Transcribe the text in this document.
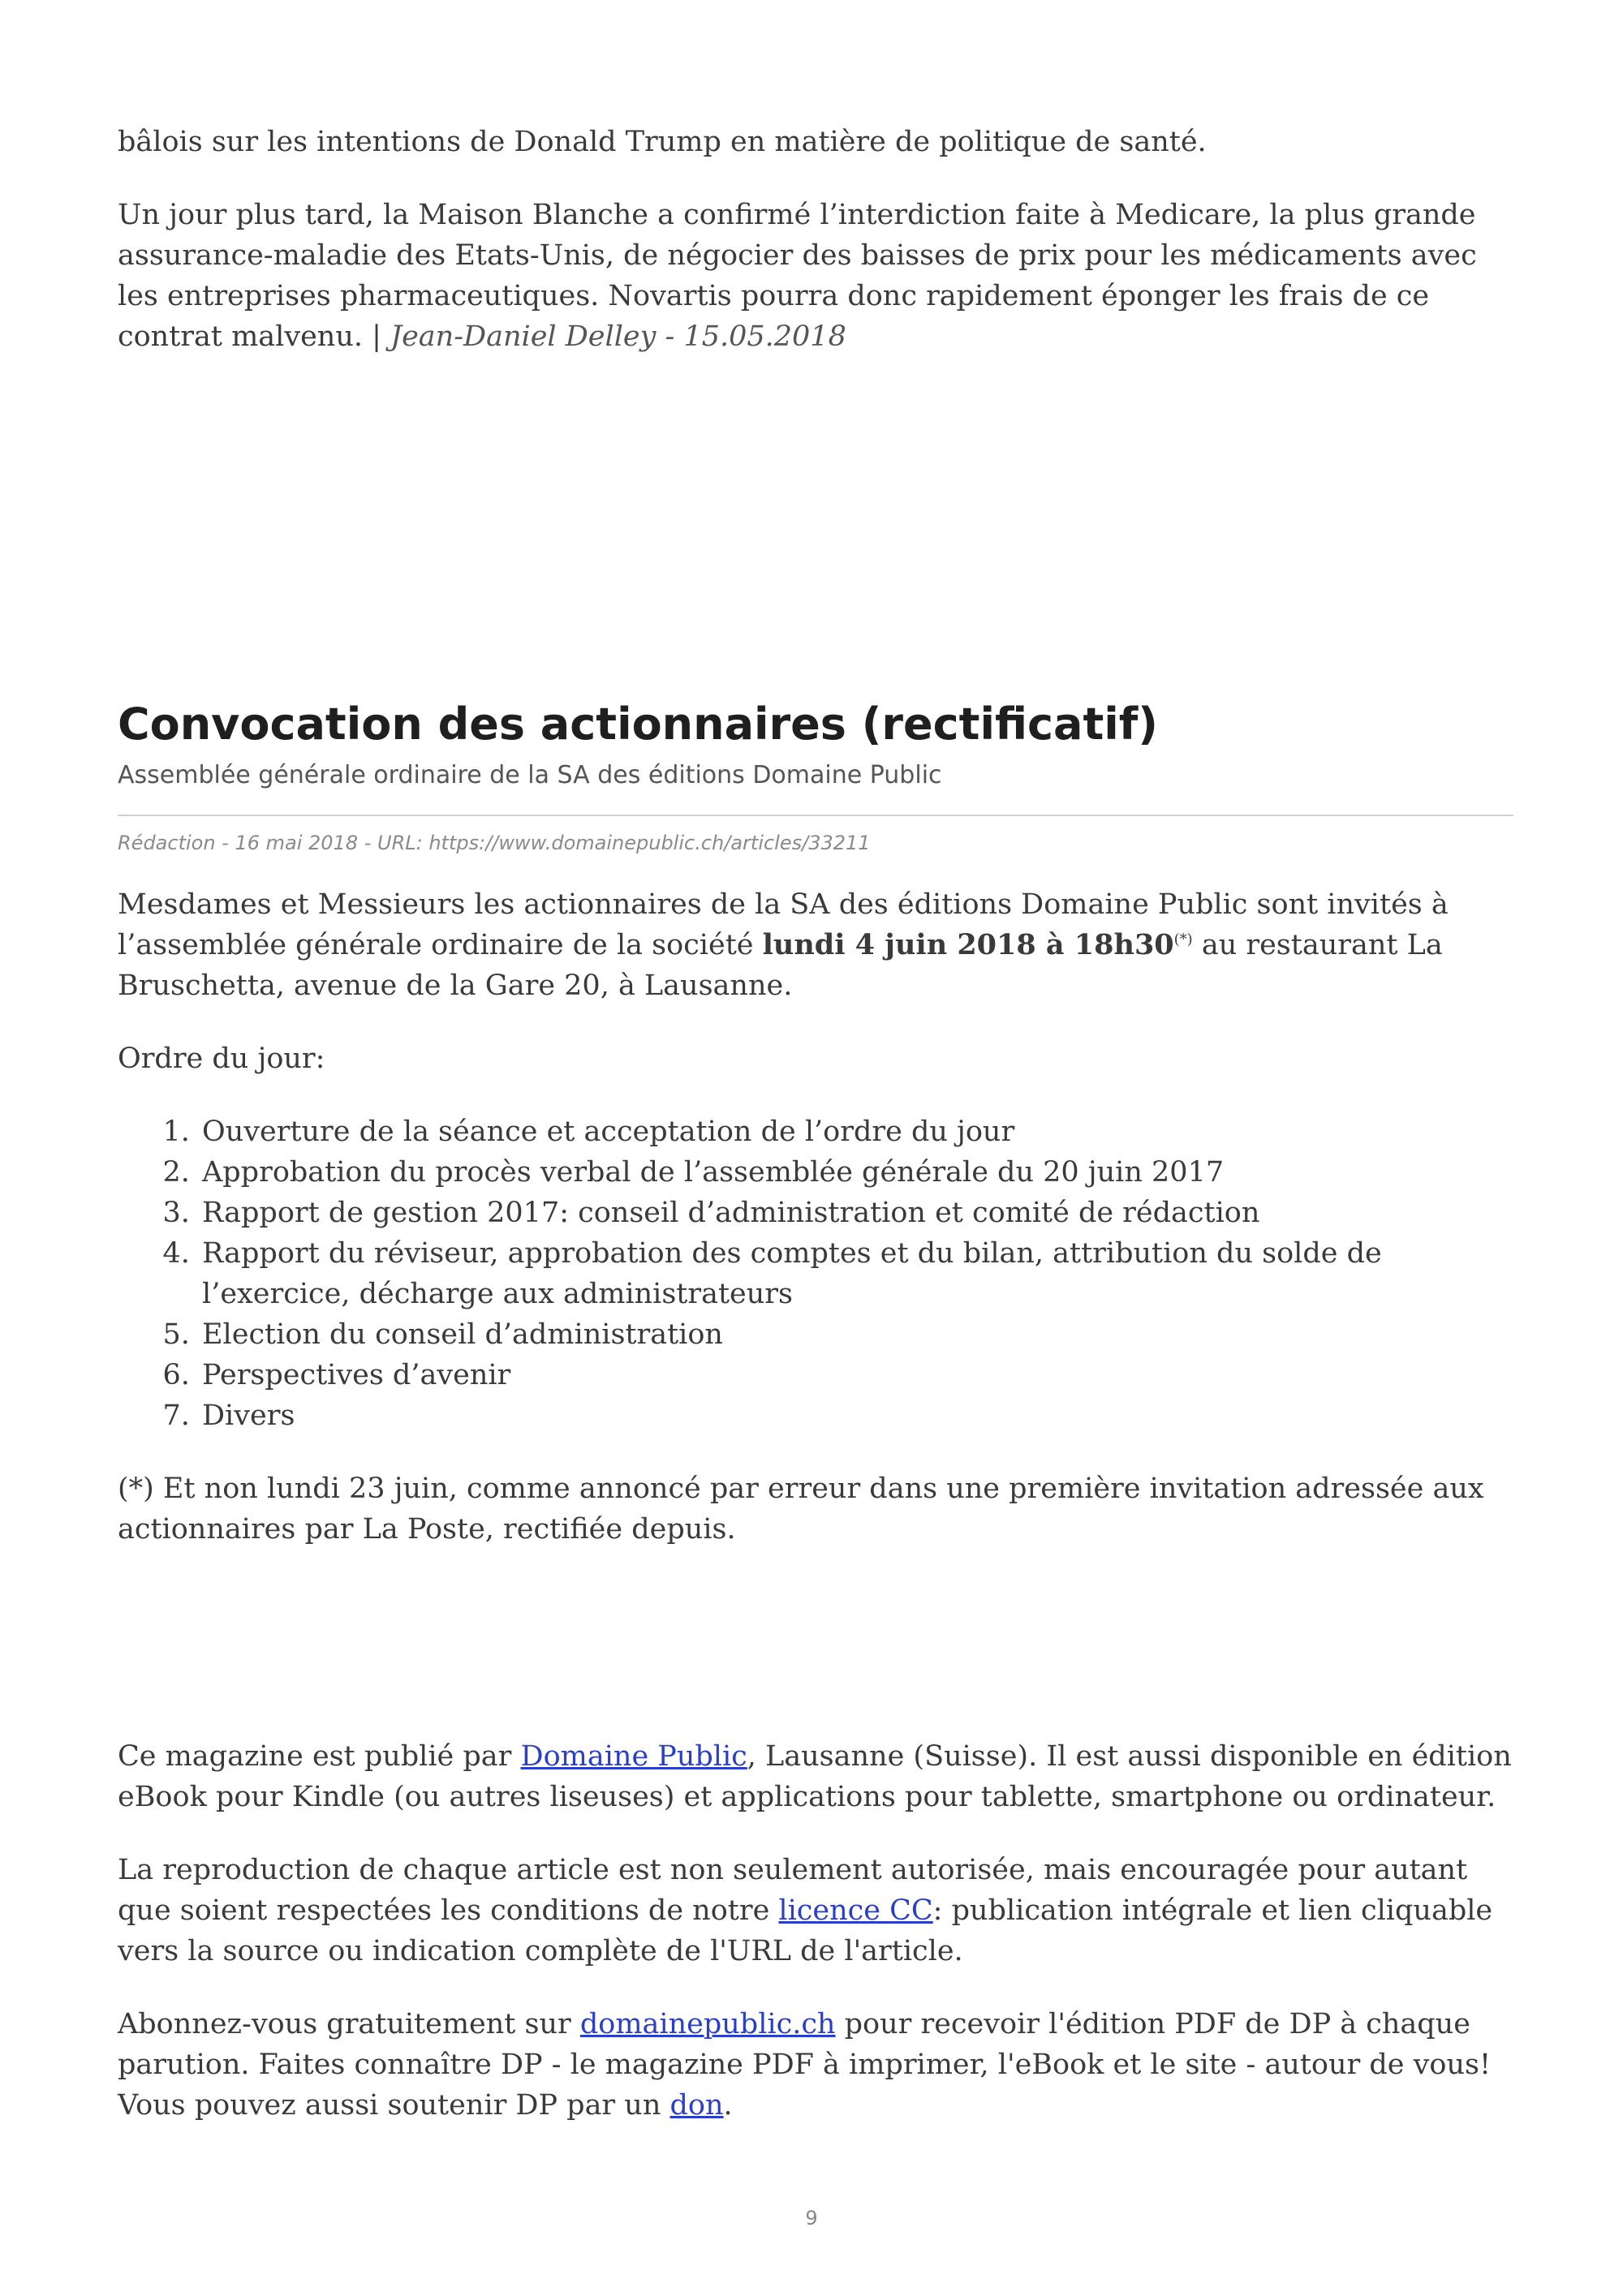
bâlois sur les intentions de Donald Trump en matière de politique de santé.

Un jour plus tard, la Maison Blanche a confirmé l’interdiction faite à Medicare, la plus grande assurance-maladie des Etats-Unis, de négocier des baisses de prix pour les médicaments avec les entreprises pharmaceutiques. Novartis pourra donc rapidement éponger les frais de ce contrat malvenu. | Jean-Daniel Delley - 15.05.2018

Convocation des actionnaires (rectificatif)
Assemblée générale ordinaire de la SA des éditions Domaine Public
Rédaction - 16 mai 2018 - URL: https://www.domainepublic.ch/articles/33211

Mesdames et Messieurs les actionnaires de la SA des éditions Domaine Public sont invités à l’assemblée générale ordinaire de la société lundi 4 juin 2018 à 18h30(*) au restaurant La Bruschetta, avenue de la Gare 20, à Lausanne.

Ordre du jour:

1. Ouverture de la séance et acceptation de l’ordre du jour
2. Approbation du procès verbal de l’assemblée générale du 20 juin 2017
3. Rapport de gestion 2017: conseil d’administration et comité de rédaction
4. Rapport du réviseur, approbation des comptes et du bilan, attribution du solde de l’exercice, décharge aux administrateurs
5. Election du conseil d’administration
6. Perspectives d’avenir
7. Divers

(*) Et non lundi 23 juin, comme annoncé par erreur dans une première invitation adressée aux actionnaires par La Poste, rectifiée depuis.

Ce magazine est publié par Domaine Public, Lausanne (Suisse). Il est aussi disponible en édition eBook pour Kindle (ou autres liseuses) et applications pour tablette, smartphone ou ordinateur.

La reproduction de chaque article est non seulement autorisée, mais encouragée pour autant que soient respectées les conditions de notre licence CC: publication intégrale et lien cliquable vers la source ou indication complète de l'URL de l'article.

Abonnez-vous gratuitement sur domainepublic.ch pour recevoir l'édition PDF de DP à chaque parution. Faites connaître DP - le magazine PDF à imprimer, l'eBook et le site - autour de vous! Vous pouvez aussi soutenir DP par un don.

9
